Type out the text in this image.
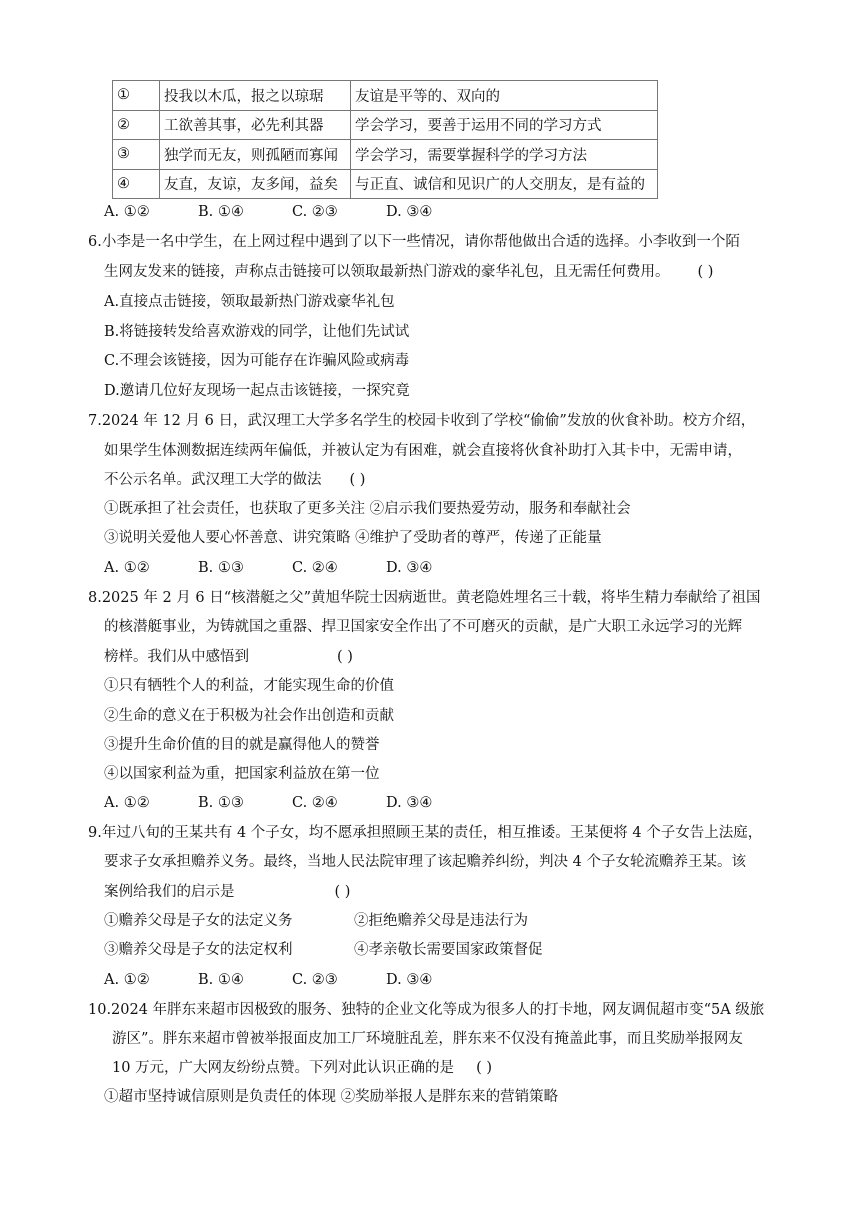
①	投我以木瓜，报之以琼琚	友谊是平等的、双向的
②	工欲善其事，必先利其器	学会学习，要善于运用不同的学习方式
③	独学而无友，则孤陋而寡闻	学会学习，需要掌握科学的学习方法
④	友直，友谅，友多闻，益矣	与正直、诚信和见识广的人交朋友，是有益的
A. ①②	B. ①④	C. ②③	D. ③④
6.小李是一名中学生，在上网过程中遇到了以下一些情况，请你帮他做出合适的选择。小李收到一个陌
生网友发来的链接，声称点击链接可以领取最新热门游戏的豪华礼包，且无需任何费用。 ( )
A.直接点击链接，领取最新热门游戏豪华礼包
B.将链接转发给喜欢游戏的同学，让他们先试试
C.不理会该链接，因为可能存在诈骗风险或病毒
D.邀请几位好友现场一起点击该链接，一探究竟
7.2024 年 12 月 6 日，武汉理工大学多名学生的校园卡收到了学校“偷偷”发放的伙食补助。校方介绍，
如果学生体测数据连续两年偏低，并被认定为有困难，就会直接将伙食补助打入其卡中，无需申请，
不公示名单。武汉理工大学的做法 ( )
①既承担了社会责任，也获取了更多关注 ②启示我们要热爱劳动，服务和奉献社会
③说明关爱他人要心怀善意、讲究策略 ④维护了受助者的尊严，传递了正能量
A. ①②	B. ①③	C. ②④	D. ③④
8.2025 年 2 月 6 日“核潜艇之父”黄旭华院士因病逝世。黄老隐姓埋名三十载，将毕生精力奉献给了祖国
的核潜艇事业，为铸就国之重器、捍卫国家安全作出了不可磨灭的贡献，是广大职工永远学习的光辉
榜样。我们从中感悟到	( )
①只有牺牲个人的利益，才能实现生命的价值
②生命的意义在于积极为社会作出创造和贡献
③提升生命价值的目的就是赢得他人的赞誉
④以国家利益为重，把国家利益放在第一位
A. ①②	B. ①③	C. ②④	D. ③④
9.年过八旬的王某共有 4 个子女，均不愿承担照顾王某的责任，相互推诿。王某便将 4 个子女告上法庭，
要求子女承担赡养义务。最终，当地人民法院审理了该起赡养纠纷，判决 4 个子女轮流赡养王某。该
案例给我们的启示是	( )
①赡养父母是子女的法定义务	②拒绝赡养父母是违法行为
③赡养父母是子女的法定权利	④孝亲敬长需要国家政策督促
A. ①②	B. ①④	C. ②③	D. ③④
10.2024 年胖东来超市因极致的服务、独特的企业文化等成为很多人的打卡地，网友调侃超市变“5A 级旅
游区”。胖东来超市曾被举报面皮加工厂环境脏乱差，胖东来不仅没有掩盖此事，而且奖励举报网友
10 万元，广大网友纷纷点赞。下列对此认识正确的是 ( )
①超市坚持诚信原则是负责任的体现 ②奖励举报人是胖东来的营销策略
